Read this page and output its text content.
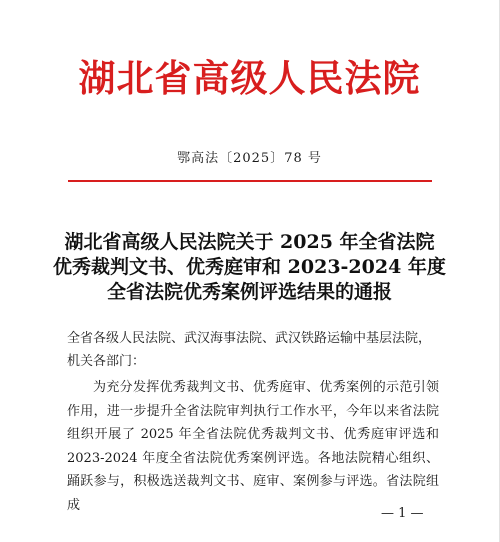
湖北省高级人民法院
鄂高法〔2025〕78 号
湖北省高级人民法院关于 2025 年全省法院
优秀裁判文书、优秀庭审和 2023-2024 年度
全省法院优秀案例评选结果的通报
全省各级人民法院、武汉海事法院、武汉铁路运输中基层法院，
机关各部门：
为充分发挥优秀裁判文书、优秀庭审、优秀案例的示范引领作用，进一步提升全省法院审判执行工作水平，今年以来省法院组织开展了 2025 年全省法院优秀裁判文书、优秀庭审评选和 2023-2024 年度全省法院优秀案例评选。各地法院精心组织、踊跃参与，积极选送裁判文书、庭审、案例参与评选。省法院组成
— 1 —
